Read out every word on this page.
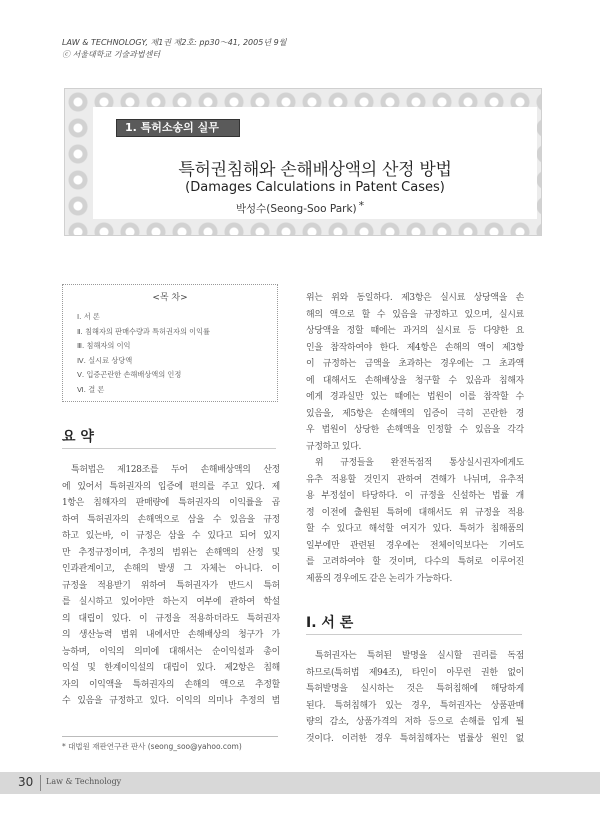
LAW & TECHNOLOGY, 제1권 제2호: pp30～41, 2005년 9월
ⓒ 서울대학교 기술과법센터
1. 특허소송의 실무
특허권침해와 손해배상액의 산정 방법
(Damages Calculations in Patent Cases)
박성수(Seong-Soo Park) *
<목 차>
Ⅰ. 서 론
Ⅱ. 침해자의 판매수량과 특허권자의 이익률
Ⅲ. 침해자의 이익
Ⅳ. 실시료 상당액
Ⅴ. 입증곤란한 손해배상액의 인정
Ⅵ. 결 론
요 약

특허법은 제128조를 두어 손해배상액의 산정

에 있어서 특허권자의 입증에 편의를 주고 있다. 제

1항은 침해자의 판매량에 특허권자의 이익률을 곱

하여 특허권자의 손해액으로 삼을 수 있음을 규정

하고 있는바, 이 규정은 삼을 수 있다고 되어 있지

만 추정규정이며, 추정의 범위는 손해액의 산정 및

인과관계이고, 손해의 발생 그 자체는 아니다. 이

규정을 적용받기 위하여 특허권자가 반드시 특허

를 실시하고 있어야만 하는지 여부에 관하여 학설

의 대립이 있다. 이 규정을 적용하더라도 특허권자

의 생산능력 범위 내에서만 손해배상의 청구가 가

능하며, 이익의 의미에 대해서는 순이익설과 총이

익설 및 한계이익설의 대립이 있다. 제2항은 침해

자의 이익액을 특허권자의 손해의 액으로 추정할

수 있음을 규정하고 있다. 이익의 의미나 추정의 범

위는 위와 동일하다. 제3항은 실시료 상당액을 손

해의 액으로 할 수 있음을 규정하고 있으며, 실시료

상당액을 정할 때에는 과거의 실시료 등 다양한 요

인을 참작하여야 한다. 제4항은 손해의 액이 제3항

이 규정하는 금액을 초과하는 경우에는 그 초과액

에 대해서도 손해배상을 청구할 수 있음과 침해자

에게 경과실만 있는 때에는 법원이 이를 참작할 수

있음을, 제5항은 손해액의 입증이 극히 곤란한 경

우 법원이 상당한 손해액을 인정할 수 있음을 각각

규정하고 있다.

위 규정들을 완전독점적 통상실시권자에게도

유추 적용할 것인지 관하여 견해가 나뉘며, 유추적

용 부정설이 타당하다. 이 규정을 신설하는 법률 개

정 이전에 출원된 특허에 대해서도 위 규정을 적용

할 수 있다고 해석할 여지가 있다. 특허가 침해품의

일부에만 관련된 경우에는 전체이익보다는 기여도

를 고려하여야 할 것이며, 다수의 특허로 이루어진

제품의 경우에도 같은 논리가 가능하다.

Ⅰ. 서 론

특허권자는 특허된 발명을 실시할 권리를 독점

하므로(특허법 제94조), 타인이 아무런 권한 없이

특허발명을 실시하는 것은 특허침해에 해당하게

된다. 특허침해가 있는 경우, 특허권자는 상품판매

량의 감소, 상품가격의 저하 등으로 손해를 입게 될

것이다. 이러한 경우 특허침해자는 법률상 원인 없

* 대법원 재판연구관 판사 (seong_soo@yahoo.com)
30 Law & Technology
